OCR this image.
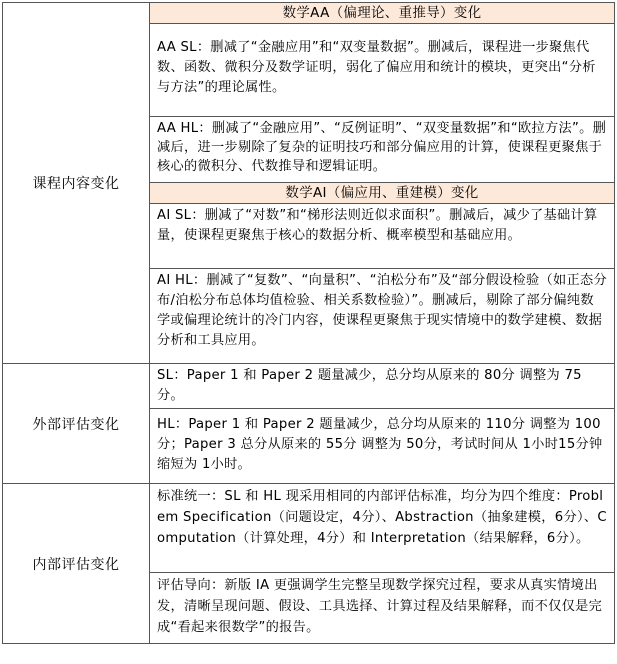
课程内容变化	数学AA（偏理论、重推导）变化

	AA SL：删减了“金融应用”和“双变量数据”。删减后，课程进一步聚焦代数、函数、微积分及数学证明，弱化了偏应用和统计的模块，更突出“分析与方法”的理论属性。

	AA HL：删减了“金融应用”、“反例证明”、“双变量数据”和“欧拉方法”。删减后，进一步剔除了复杂的证明技巧和部分偏应用的计算，使课程更聚焦于核心的微积分、代数推导和逻辑证明。

	数学AI（偏应用、重建模）变化

	AI SL：删减了“对数”和“梯形法则近似求面积”。删减后，减少了基础计算量，使课程更聚焦于核心的数据分析、概率模型和基础应用。

	AI HL：删减了“复数”、“向量积”、“泊松分布”及“部分假设检验（如正态分布/泊松分布总体均值检验、相关系数检验）”。删减后，剔除了部分偏纯数学或偏理论统计的冷门内容，使课程更聚焦于现实情境中的数学建模、数据分析和工具应用。

外部评估变化	SL：Paper 1 和 Paper 2 题量减少，总分均从原来的 80分 调整为 75分。

	HL：Paper 1 和 Paper 2 题量减少，总分均从原来的 110分 调整为 100分；Paper 3 总分从原来的 55分 调整为 50分，考试时间从 1小时15分钟 缩短为 1小时。

内部评估变化	标准统一：SL 和 HL 现采用相同的内部评估标准，均分为四个维度：Problem Specification（问题设定，4分）、Abstraction（抽象建模，6分）、Computation（计算处理，4分）和 Interpretation（结果解释，6分）。

	评估导向：新版 IA 更强调学生完整呈现数学探究过程，要求从真实情境出发，清晰呈现问题、假设、工具选择、计算过程及结果解释，而不仅仅是完成“看起来很数学”的报告。
